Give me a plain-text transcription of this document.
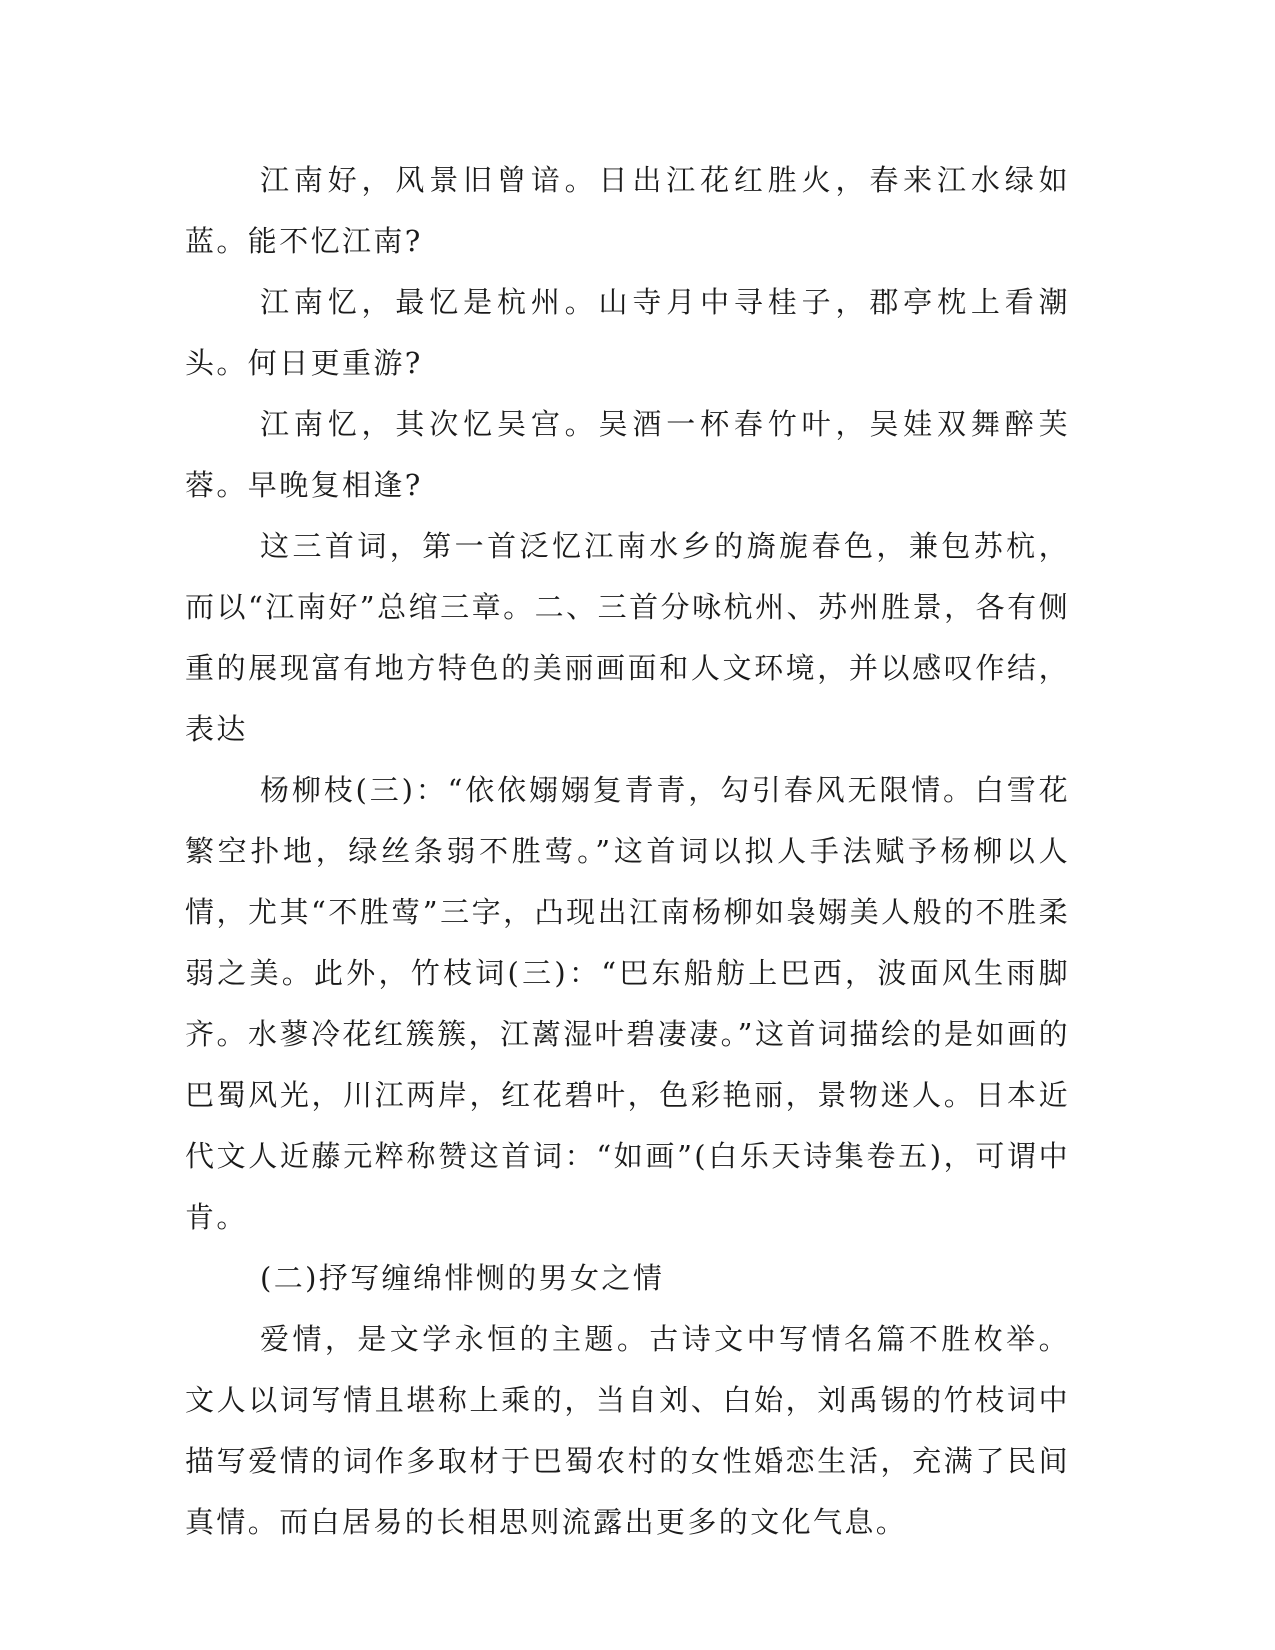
江南好，风景旧曾谙。日出江花红胜火，春来江水绿如蓝。能不忆江南?

江南忆，最忆是杭州。山寺月中寻桂子，郡亭枕上看潮头。何日更重游?

江南忆，其次忆吴宫。吴酒一杯春竹叶，吴娃双舞醉芙蓉。早晚复相逢?

这三首词，第一首泛忆江南水乡的旖旎春色，兼包苏杭，而以“江南好”总绾三章。二、三首分咏杭州、苏州胜景，各有侧重的展现富有地方特色的美丽画面和人文环境，并以感叹作结，表达

杨柳枝(三)：“依依嫋嫋复青青，勾引春风无限情。白雪花繁空扑地，绿丝条弱不胜莺。”这首词以拟人手法赋予杨柳以人情，尤其“不胜莺”三字，凸现出江南杨柳如袅嫋美人般的不胜柔弱之美。此外，竹枝词(三)：“巴东船舫上巴西，波面风生雨脚齐。水蓼冷花红簇簇，江蓠湿叶碧凄凄。”这首词描绘的是如画的巴蜀风光，川江两岸，红花碧叶，色彩艳丽，景物迷人。日本近代文人近藤元粹称赞这首词：“如画”(白乐天诗集卷五)，可谓中肯。

(二)抒写缠绵悱恻的男女之情

爱情，是文学永恒的主题。古诗文中写情名篇不胜枚举。文人以词写情且堪称上乘的，当自刘、白始，刘禹锡的竹枝词中描写爱情的词作多取材于巴蜀农村的女性婚恋生活，充满了民间真情。而白居易的长相思则流露出更多的文化气息。
